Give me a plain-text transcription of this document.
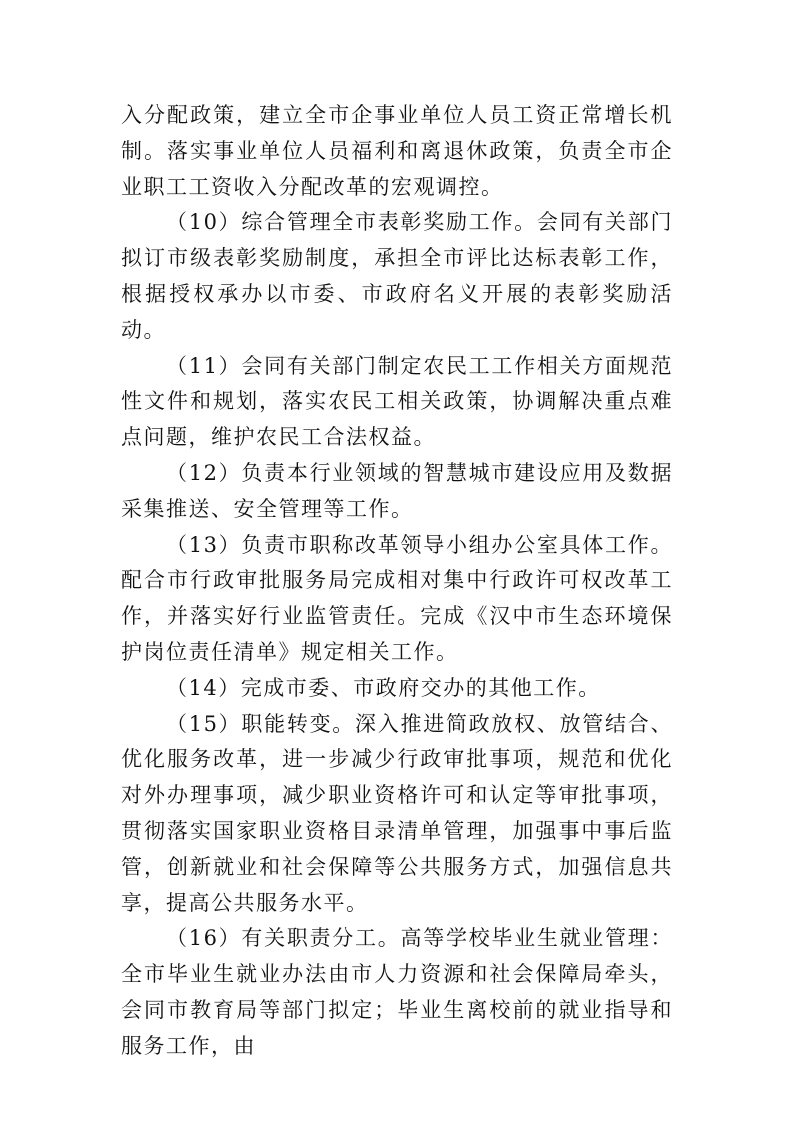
入分配政策，建立全市企事业单位人员工资正常增长机制。落实事业单位人员福利和离退休政策，负责全市企业职工工资收入分配改革的宏观调控。

（10）综合管理全市表彰奖励工作。会同有关部门拟订市级表彰奖励制度，承担全市评比达标表彰工作，根据授权承办以市委、市政府名义开展的表彰奖励活动。

（11）会同有关部门制定农民工工作相关方面规范性文件和规划，落实农民工相关政策，协调解决重点难点问题，维护农民工合法权益。

（12）负责本行业领域的智慧城市建设应用及数据采集推送、安全管理等工作。

（13）负责市职称改革领导小组办公室具体工作。配合市行政审批服务局完成相对集中行政许可权改革工作，并落实好行业监管责任。完成《汉中市生态环境保护岗位责任清单》规定相关工作。

（14）完成市委、市政府交办的其他工作。

（15）职能转变。深入推进简政放权、放管结合、优化服务改革，进一步减少行政审批事项，规范和优化对外办理事项，减少职业资格许可和认定等审批事项，贯彻落实国家职业资格目录清单管理，加强事中事后监管，创新就业和社会保障等公共服务方式，加强信息共享，提高公共服务水平。

（16）有关职责分工。高等学校毕业生就业管理：全市毕业生就业办法由市人力资源和社会保障局牵头，会同市教育局等部门拟定；毕业生离校前的就业指导和服务工作，由
